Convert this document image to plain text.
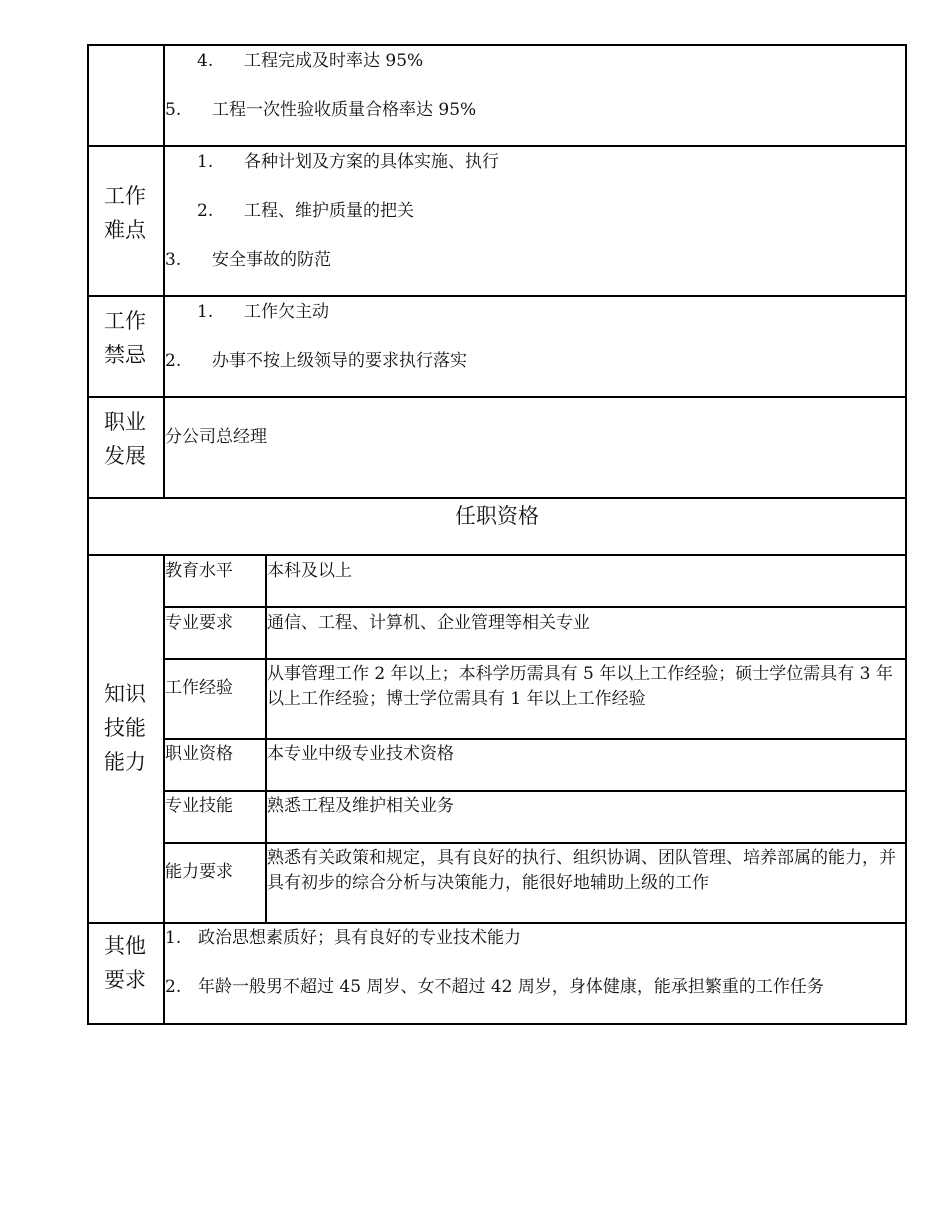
4. 工程完成及时率达 95%
5. 工程一次性验收质量合格率达 95%
工作
难点
1. 各种计划及方案的具体实施、执行
2. 工程、维护质量的把关
3. 安全事故的防范
工作
禁忌
1. 工作欠主动
2. 办事不按上级领导的要求执行落实
职业
发展
分公司总经理
任职资格
知识
技能
能力
教育水平 本科及以上
专业要求 通信、工程、计算机、企业管理等相关专业
工作经验
从事管理工作 2 年以上；本科学历需具有 5 年以上工作经验；硕士学位需具有 3 年以上工作经验；博士学位需具有 1 年以上工作经验
职业资格 本专业中级专业技术资格
专业技能 熟悉工程及维护相关业务
能力要求
熟悉有关政策和规定，具有良好的执行、组织协调、团队管理、培养部属的能力，并具有初步的综合分析与决策能力，能很好地辅助上级的工作
其他
要求
1. 政治思想素质好；具有良好的专业技术能力
2. 年龄一般男不超过 45 周岁、女不超过 42 周岁，身体健康，能承担繁重的工作任务
